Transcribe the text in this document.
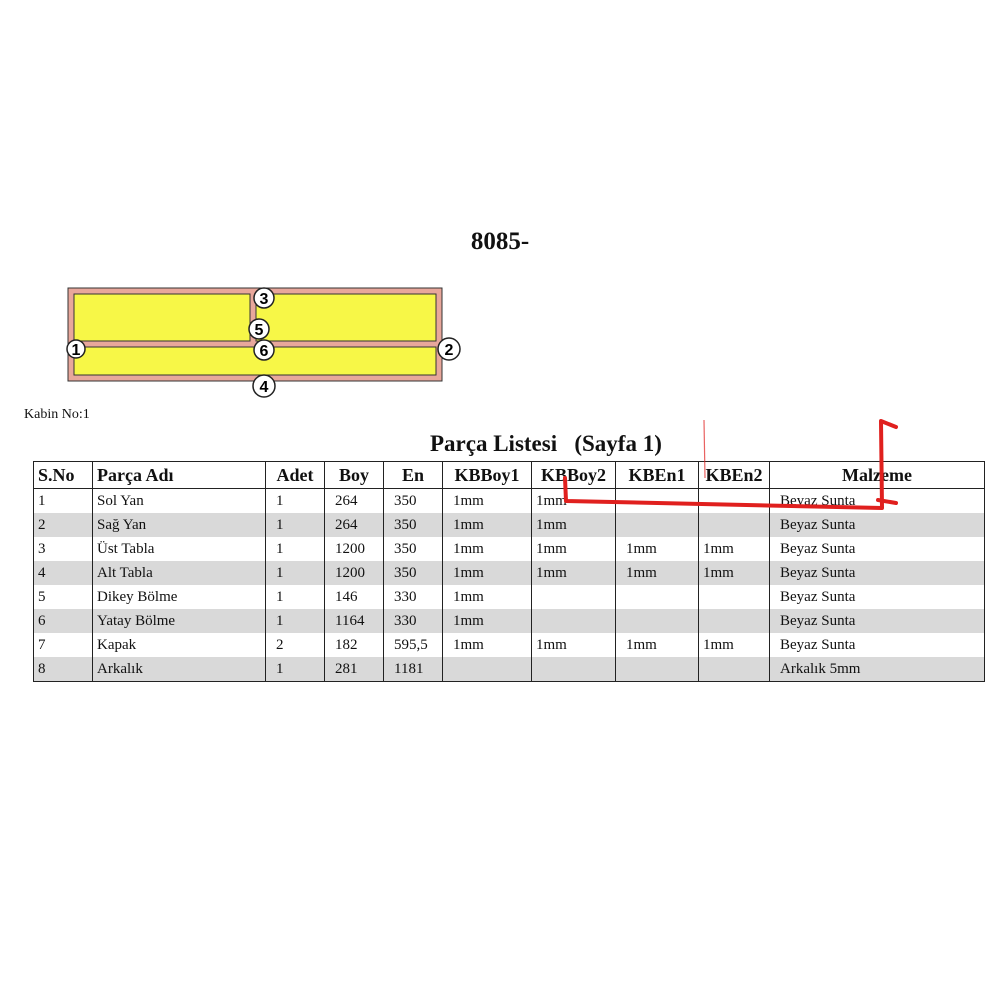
8085-
1	2
3
4
5
6
Kabin No:1
Parça Listesi   (Sayfa 1)
S.No	Parça Adı	Adet	Boy	En	KBBoy1	KBBoy2	KBEn1	KBEn2	Malzeme
1	Sol Yan	1	264	350	1mm	1mm			Beyaz Sunta
2	Sağ Yan	1	264	350	1mm	1mm			Beyaz Sunta
3	Üst Tabla	1	1200	350	1mm	1mm	1mm	1mm	Beyaz Sunta
4	Alt Tabla	1	1200	350	1mm	1mm	1mm	1mm	Beyaz Sunta
5	Dikey Bölme	1	146	330	1mm				Beyaz Sunta
6	Yatay Bölme	1	1164	330	1mm				Beyaz Sunta
7	Kapak	2	182	595,5	1mm	1mm	1mm	1mm	Beyaz Sunta
8	Arkalık	1	281	1181					Arkalık 5mm
